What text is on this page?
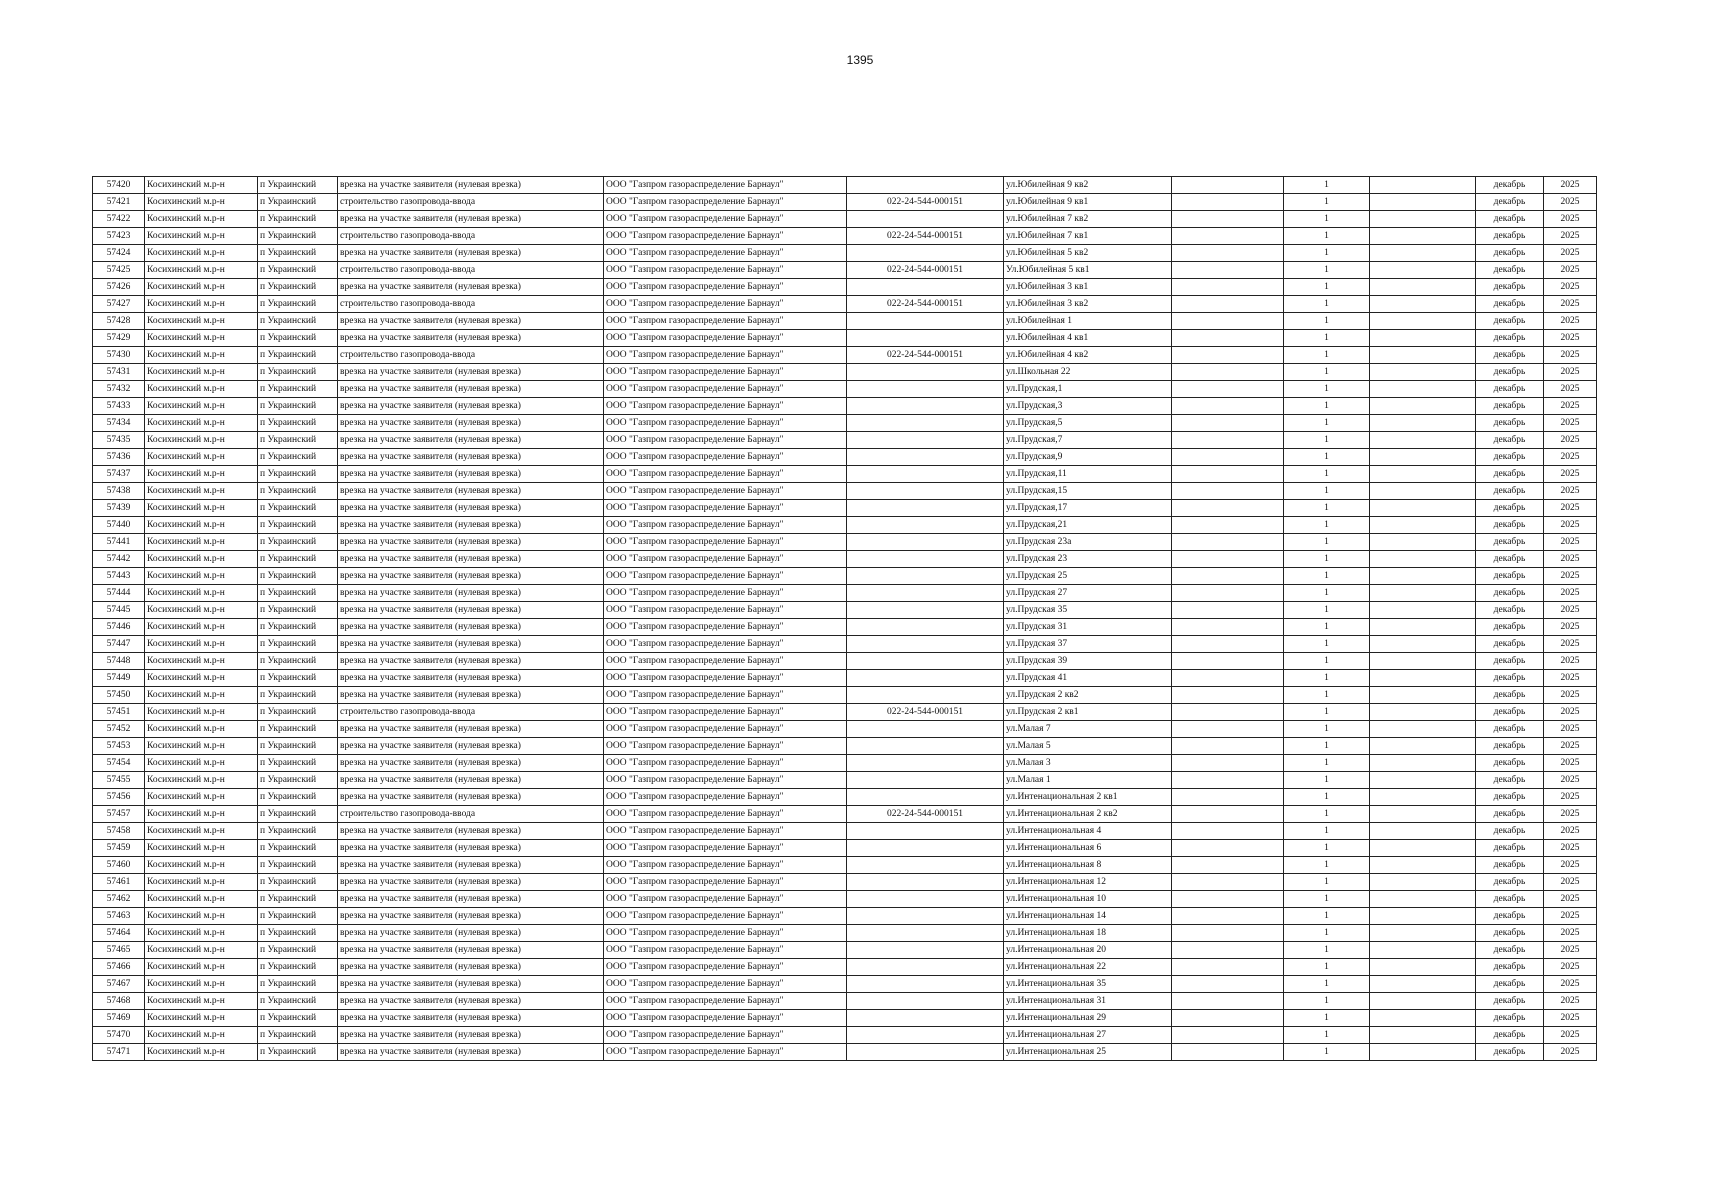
1395
57420	Косихинский м.р-н	п Украинский	врезка на участке заявителя (нулевая врезка)	ООО "Газпром газораспределение Барнаул"		ул.Юбилейная 9 кв2		1		декабрь	2025
57421	Косихинский м.р-н	п Украинский	строительство газопровода-ввода	ООО "Газпром газораспределение Барнаул"	022-24-544-000151	ул.Юбилейная 9 кв1		1		декабрь	2025
57422	Косихинский м.р-н	п Украинский	врезка на участке заявителя (нулевая врезка)	ООО "Газпром газораспределение Барнаул"		ул.Юбилейная 7 кв2		1		декабрь	2025
57423	Косихинский м.р-н	п Украинский	строительство газопровода-ввода	ООО "Газпром газораспределение Барнаул"	022-24-544-000151	ул.Юбилейная 7 кв1		1		декабрь	2025
57424	Косихинский м.р-н	п Украинский	врезка на участке заявителя (нулевая врезка)	ООО "Газпром газораспределение Барнаул"		ул.Юбилейная 5 кв2		1		декабрь	2025
57425	Косихинский м.р-н	п Украинский	строительство газопровода-ввода	ООО "Газпром газораспределение Барнаул"	022-24-544-000151	Ул.Юбилейная 5 кв1		1		декабрь	2025
57426	Косихинский м.р-н	п Украинский	врезка на участке заявителя (нулевая врезка)	ООО "Газпром газораспределение Барнаул"		ул.Юбилейная 3 кв1		1		декабрь	2025
57427	Косихинский м.р-н	п Украинский	строительство газопровода-ввода	ООО "Газпром газораспределение Барнаул"	022-24-544-000151	ул.Юбилейная 3 кв2		1		декабрь	2025
57428	Косихинский м.р-н	п Украинский	врезка на участке заявителя (нулевая врезка)	ООО "Газпром газораспределение Барнаул"		ул.Юбилейная 1		1		декабрь	2025
57429	Косихинский м.р-н	п Украинский	врезка на участке заявителя (нулевая врезка)	ООО "Газпром газораспределение Барнаул"		ул.Юбилейная 4 кв1		1		декабрь	2025
57430	Косихинский м.р-н	п Украинский	строительство газопровода-ввода	ООО "Газпром газораспределение Барнаул"	022-24-544-000151	ул.Юбилейная 4 кв2		1		декабрь	2025
57431	Косихинский м.р-н	п Украинский	врезка на участке заявителя (нулевая врезка)	ООО "Газпром газораспределение Барнаул"		ул.Школьная 22		1		декабрь	2025
57432	Косихинский м.р-н	п Украинский	врезка на участке заявителя (нулевая врезка)	ООО "Газпром газораспределение Барнаул"		ул.Прудская,1		1		декабрь	2025
57433	Косихинский м.р-н	п Украинский	врезка на участке заявителя (нулевая врезка)	ООО "Газпром газораспределение Барнаул"		ул.Прудская,3		1		декабрь	2025
57434	Косихинский м.р-н	п Украинский	врезка на участке заявителя (нулевая врезка)	ООО "Газпром газораспределение Барнаул"		ул.Прудская,5		1		декабрь	2025
57435	Косихинский м.р-н	п Украинский	врезка на участке заявителя (нулевая врезка)	ООО "Газпром газораспределение Барнаул"		ул.Прудская,7		1		декабрь	2025
57436	Косихинский м.р-н	п Украинский	врезка на участке заявителя (нулевая врезка)	ООО "Газпром газораспределение Барнаул"		ул.Прудская,9		1		декабрь	2025
57437	Косихинский м.р-н	п Украинский	врезка на участке заявителя (нулевая врезка)	ООО "Газпром газораспределение Барнаул"		ул.Прудская,11		1		декабрь	2025
57438	Косихинский м.р-н	п Украинский	врезка на участке заявителя (нулевая врезка)	ООО "Газпром газораспределение Барнаул"		ул.Прудская,15		1		декабрь	2025
57439	Косихинский м.р-н	п Украинский	врезка на участке заявителя (нулевая врезка)	ООО "Газпром газораспределение Барнаул"		ул.Прудская,17		1		декабрь	2025
57440	Косихинский м.р-н	п Украинский	врезка на участке заявителя (нулевая врезка)	ООО "Газпром газораспределение Барнаул"		ул.Прудская,21		1		декабрь	2025
57441	Косихинский м.р-н	п Украинский	врезка на участке заявителя (нулевая врезка)	ООО "Газпром газораспределение Барнаул"		ул.Прудская 23а		1		декабрь	2025
57442	Косихинский м.р-н	п Украинский	врезка на участке заявителя (нулевая врезка)	ООО "Газпром газораспределение Барнаул"		ул.Прудская 23		1		декабрь	2025
57443	Косихинский м.р-н	п Украинский	врезка на участке заявителя (нулевая врезка)	ООО "Газпром газораспределение Барнаул"		ул.Прудская 25		1		декабрь	2025
57444	Косихинский м.р-н	п Украинский	врезка на участке заявителя (нулевая врезка)	ООО "Газпром газораспределение Барнаул"		ул.Прудская 27		1		декабрь	2025
57445	Косихинский м.р-н	п Украинский	врезка на участке заявителя (нулевая врезка)	ООО "Газпром газораспределение Барнаул"		ул.Прудская 35		1		декабрь	2025
57446	Косихинский м.р-н	п Украинский	врезка на участке заявителя (нулевая врезка)	ООО "Газпром газораспределение Барнаул"		ул.Прудская 31		1		декабрь	2025
57447	Косихинский м.р-н	п Украинский	врезка на участке заявителя (нулевая врезка)	ООО "Газпром газораспределение Барнаул"		ул.Прудская 37		1		декабрь	2025
57448	Косихинский м.р-н	п Украинский	врезка на участке заявителя (нулевая врезка)	ООО "Газпром газораспределение Барнаул"		ул.Прудская 39		1		декабрь	2025
57449	Косихинский м.р-н	п Украинский	врезка на участке заявителя (нулевая врезка)	ООО "Газпром газораспределение Барнаул"		ул.Прудская 41		1		декабрь	2025
57450	Косихинский м.р-н	п Украинский	врезка на участке заявителя (нулевая врезка)	ООО "Газпром газораспределение Барнаул"		ул.Прудская 2 кв2		1		декабрь	2025
57451	Косихинский м.р-н	п Украинский	строительство газопровода-ввода	ООО "Газпром газораспределение Барнаул"	022-24-544-000151	ул.Прудская 2 кв1		1		декабрь	2025
57452	Косихинский м.р-н	п Украинский	врезка на участке заявителя (нулевая врезка)	ООО "Газпром газораспределение Барнаул"		ул.Малая 7		1		декабрь	2025
57453	Косихинский м.р-н	п Украинский	врезка на участке заявителя (нулевая врезка)	ООО "Газпром газораспределение Барнаул"		ул.Малая 5		1		декабрь	2025
57454	Косихинский м.р-н	п Украинский	врезка на участке заявителя (нулевая врезка)	ООО "Газпром газораспределение Барнаул"		ул.Малая 3		1		декабрь	2025
57455	Косихинский м.р-н	п Украинский	врезка на участке заявителя (нулевая врезка)	ООО "Газпром газораспределение Барнаул"		ул.Малая 1		1		декабрь	2025
57456	Косихинский м.р-н	п Украинский	врезка на участке заявителя (нулевая врезка)	ООО "Газпром газораспределение Барнаул"		ул.Интенациональная 2 кв1		1		декабрь	2025
57457	Косихинский м.р-н	п Украинский	строительство газопровода-ввода	ООО "Газпром газораспределение Барнаул"	022-24-544-000151	ул.Интенациональная 2 кв2		1		декабрь	2025
57458	Косихинский м.р-н	п Украинский	врезка на участке заявителя (нулевая врезка)	ООО "Газпром газораспределение Барнаул"		ул.Интенациональная 4		1		декабрь	2025
57459	Косихинский м.р-н	п Украинский	врезка на участке заявителя (нулевая врезка)	ООО "Газпром газораспределение Барнаул"		ул.Интенациональная 6		1		декабрь	2025
57460	Косихинский м.р-н	п Украинский	врезка на участке заявителя (нулевая врезка)	ООО "Газпром газораспределение Барнаул"		ул.Интенациональная 8		1		декабрь	2025
57461	Косихинский м.р-н	п Украинский	врезка на участке заявителя (нулевая врезка)	ООО "Газпром газораспределение Барнаул"		ул.Интенациональная 12		1		декабрь	2025
57462	Косихинский м.р-н	п Украинский	врезка на участке заявителя (нулевая врезка)	ООО "Газпром газораспределение Барнаул"		ул.Интенациональная 10		1		декабрь	2025
57463	Косихинский м.р-н	п Украинский	врезка на участке заявителя (нулевая врезка)	ООО "Газпром газораспределение Барнаул"		ул.Интенациональная 14		1		декабрь	2025
57464	Косихинский м.р-н	п Украинский	врезка на участке заявителя (нулевая врезка)	ООО "Газпром газораспределение Барнаул"		ул.Интенациональная 18		1		декабрь	2025
57465	Косихинский м.р-н	п Украинский	врезка на участке заявителя (нулевая врезка)	ООО "Газпром газораспределение Барнаул"		ул.Интенациональная 20		1		декабрь	2025
57466	Косихинский м.р-н	п Украинский	врезка на участке заявителя (нулевая врезка)	ООО "Газпром газораспределение Барнаул"		ул.Интенациональная 22		1		декабрь	2025
57467	Косихинский м.р-н	п Украинский	врезка на участке заявителя (нулевая врезка)	ООО "Газпром газораспределение Барнаул"		ул.Интенациональная 35		1		декабрь	2025
57468	Косихинский м.р-н	п Украинский	врезка на участке заявителя (нулевая врезка)	ООО "Газпром газораспределение Барнаул"		ул.Интенациональная 31		1		декабрь	2025
57469	Косихинский м.р-н	п Украинский	врезка на участке заявителя (нулевая врезка)	ООО "Газпром газораспределение Барнаул"		ул.Интенациональная 29		1		декабрь	2025
57470	Косихинский м.р-н	п Украинский	врезка на участке заявителя (нулевая врезка)	ООО "Газпром газораспределение Барнаул"		ул.Интенациональная 27		1		декабрь	2025
57471	Косихинский м.р-н	п Украинский	врезка на участке заявителя (нулевая врезка)	ООО "Газпром газораспределение Барнаул"		ул.Интенациональная 25		1		декабрь	2025
